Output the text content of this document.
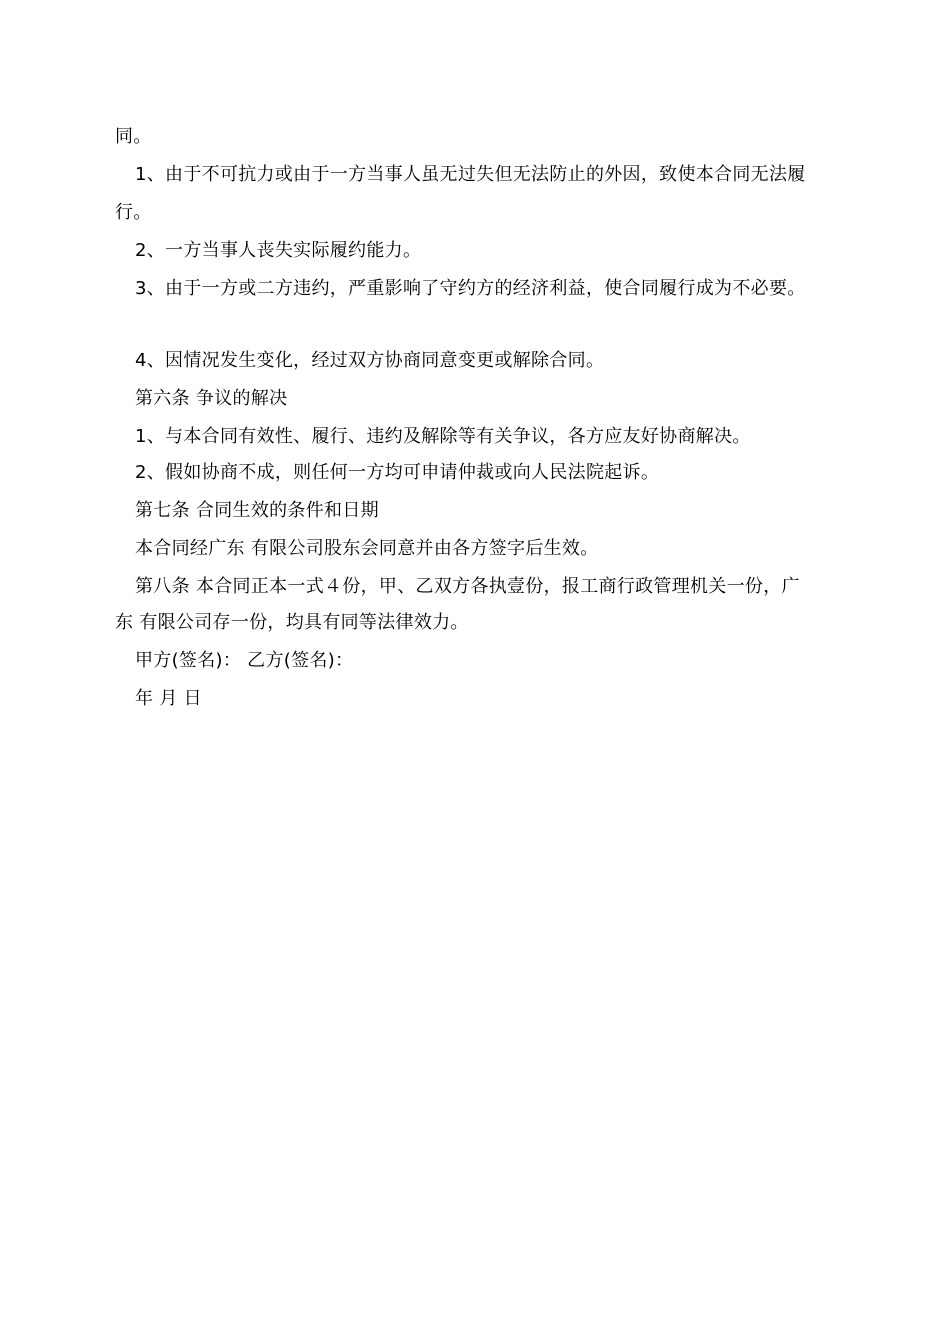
同。
1、由于不可抗力或由于一方当事人虽无过失但无法防止的外因，致使本合同无法履
行。
2、一方当事人丧失实际履约能力。
3、由于一方或二方违约，严重影响了守约方的经济利益，使合同履行成为不必要。
4、因情况发生变化，经过双方协商同意变更或解除合同。
第六条 争议的解决
1、与本合同有效性、履行、违约及解除等有关争议，各方应友好协商解决。
2、假如协商不成，则任何一方均可申请仲裁或向人民法院起诉。
第七条 合同生效的条件和日期
本合同经广东 有限公司股东会同意并由各方签字后生效。
第八条 本合同正本一式４份，甲、乙双方各执壹份，报工商行政管理机关一份，广
东 有限公司存一份，均具有同等法律效力。
甲方(签名)： 乙方(签名)：
年 月 日
